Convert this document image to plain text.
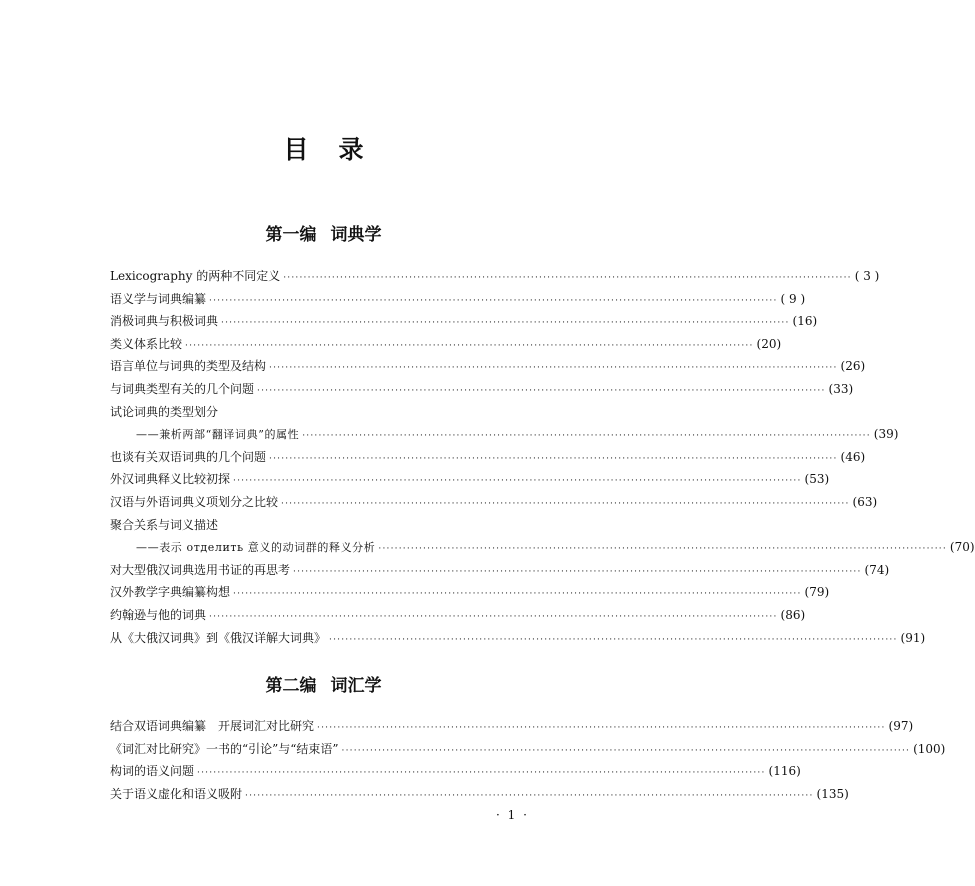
目 录
第一编 词典学
Lexicography 的两种不同定义 ············································································································································ ( 3 )
语义学与词典编纂 ············································································································································ ( 9 )
消极词典与积极词典 ············································································································································ (16)
类义体系比较 ············································································································································ (20)
语言单位与词典的类型及结构 ············································································································································ (26)
与词典类型有关的几个问题 ············································································································································ (33)
试论词典的类型划分
——兼析两部“翻译词典”的属性 ············································································································································ (39)
也谈有关双语词典的几个问题 ············································································································································ (46)
外汉词典释义比较初探 ············································································································································ (53)
汉语与外语词典义项划分之比较 ············································································································································ (63)
聚合关系与词义描述
——表示 отделить 意义的动词群的释义分析 ············································································································································ (70)
对大型俄汉词典选用书证的再思考 ············································································································································ (74)
汉外教学字典编纂构想 ············································································································································ (79)
约翰逊与他的词典 ············································································································································ (86)
从《大俄汉词典》到《俄汉详解大词典》 ············································································································································ (91)
第二编 词汇学
结合双语词典编纂　开展词汇对比研究 ············································································································································ (97)
《词汇对比研究》一书的“引论”与“结束语” ············································································································································ (100)
构词的语义问题 ············································································································································ (116)
关于语义虚化和语义吸附 ············································································································································ (135)
· 1 ·
